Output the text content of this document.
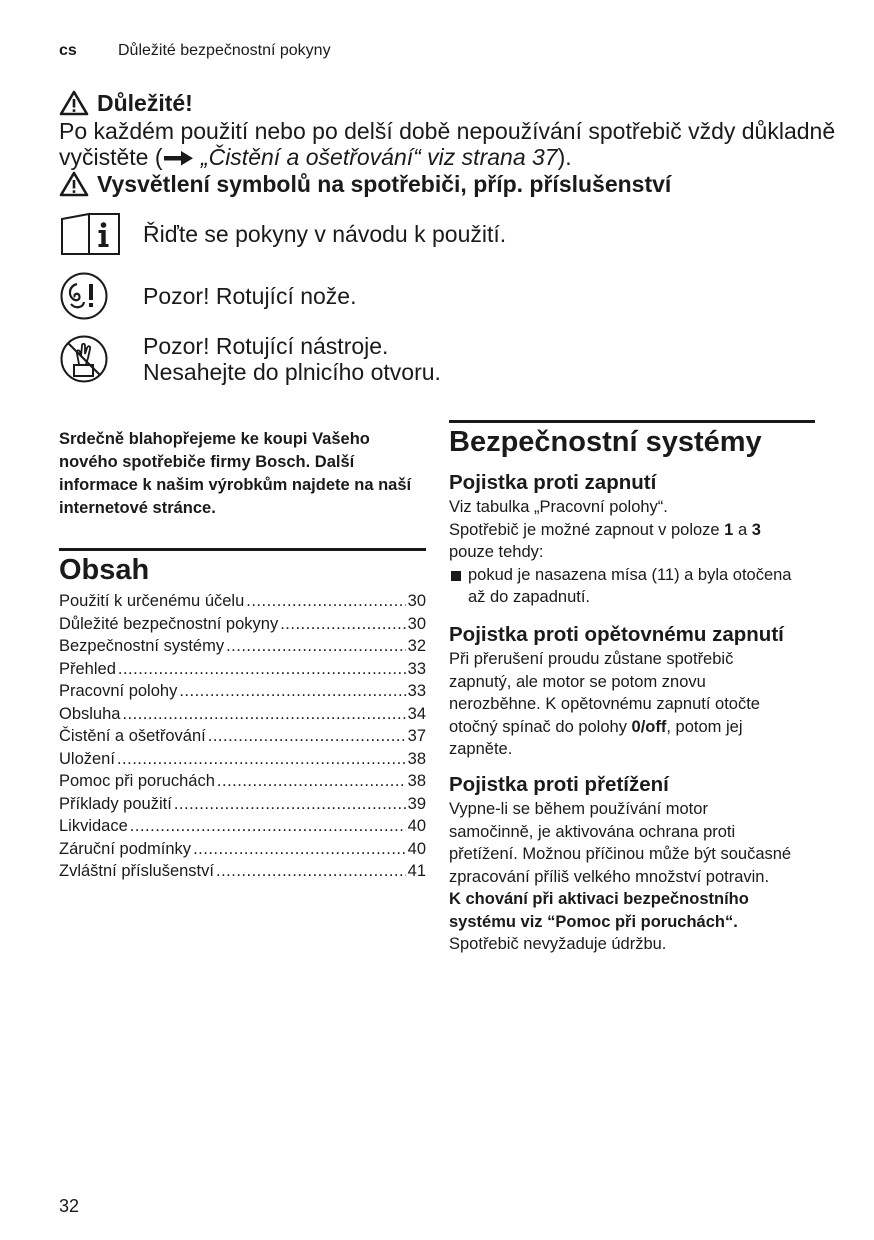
cs	Důležité bezpečnostní pokyny
Důležité!
Po každém použití nebo po delší době nepoužívání spotřebič vždy důkladně vyčistěte ( „Čistění a ošetřování“ viz strana 37).
Vysvětlení symbolů na spotřebiči, příp. příslušenství
Řiďte se pokyny v návodu k použití.
Pozor! Rotující nože.
Pozor! Rotující nástroje.
Nesahejte do plnicího otvoru.
Srdečně blahopřejeme ke koupi Vašeho nového spotřebiče firmy Bosch. Další informace k našim výrobkům najdete na naší internetové stránce.
Obsah
Použití k určenému účelu .....	30
Důležité bezpečnostní pokyny .....	30
Bezpečnostní systémy .....	32
Přehled .....	33
Pracovní polohy .....	33
Obsluha .....	34
Čistění a ošetřování .....	37
Uložení .....	38
Pomoc při poruchách .....	38
Příklady použití .....	39
Likvidace .....	40
Záruční podmínky .....	40
Zvláštní příslušenství .....	41
Bezpečnostní systémy
Pojistka proti zapnutí
Viz tabulka „Pracovní polohy“.
Spotřebič je možné zapnout v poloze 1 a 3
pouze tehdy:
pokud je nasazena mísa (11) a byla otočena až do zapadnutí.
Pojistka proti opětovnému zapnutí
Při přerušení proudu zůstane spotřebič zapnutý, ale motor se potom znovu nerozběhne. K opětovnému zapnutí otočte otočný spínač do polohy 0/off, potom jej zapněte.
Pojistka proti přetížení
Vypne-li se během používání motor samočinně, je aktivována ochrana proti přetížení. Možnou příčinou může být současné zpracování příliš velkého množství potravin.
K chování při aktivaci bezpečnostního systému viz “Pomoc při poruchách“.
Spotřebič nevyžaduje údržbu.
32
